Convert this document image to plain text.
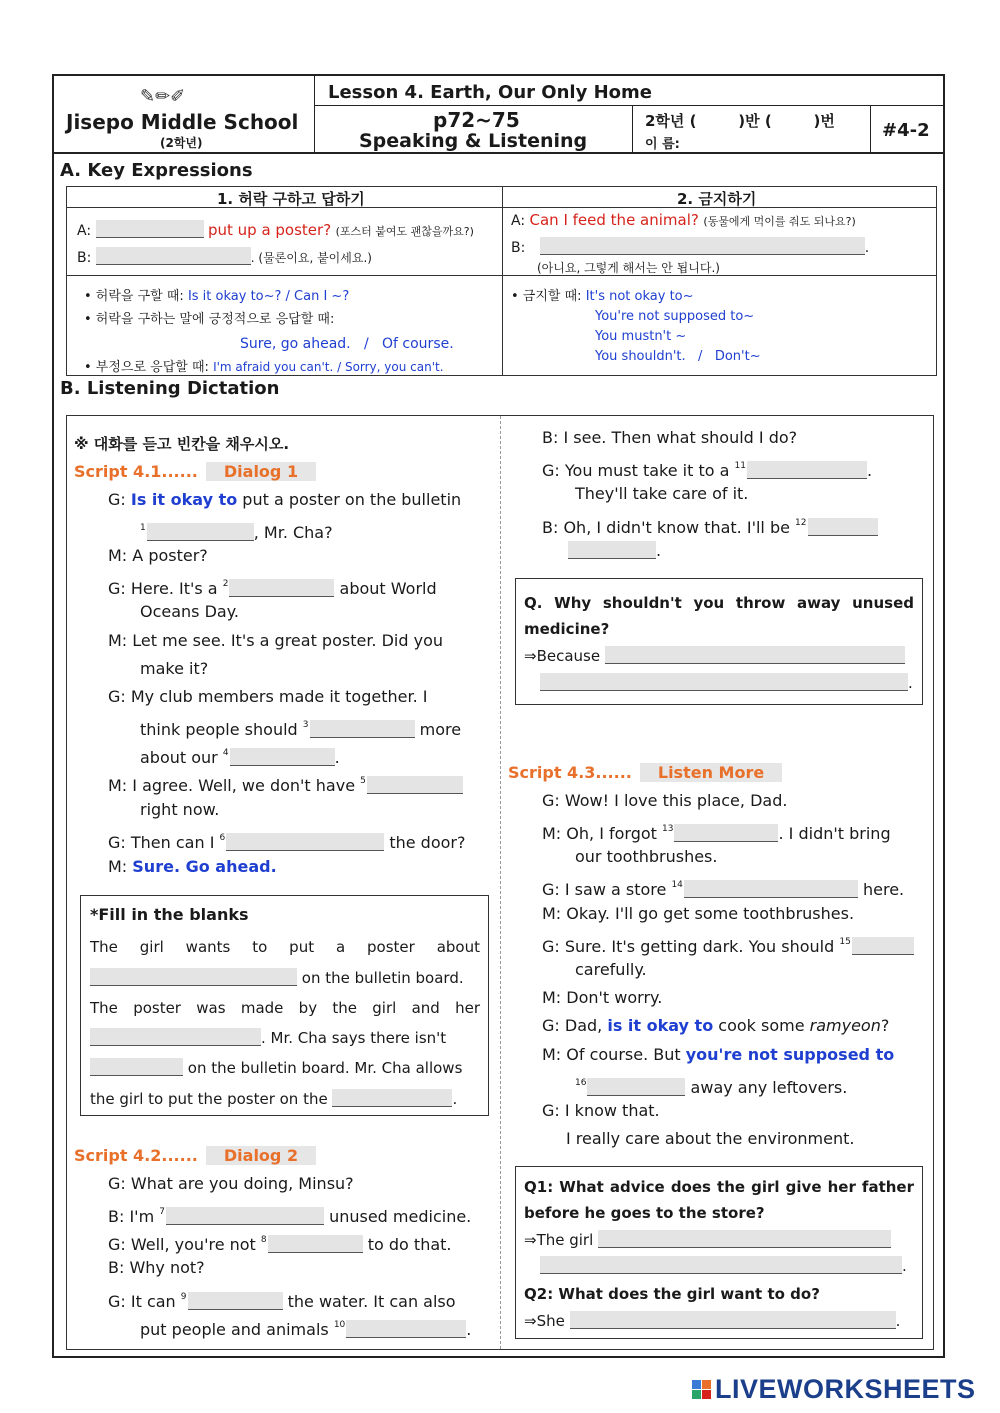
✎✏✐
Jisepo Middle School
(2학년)
Lesson 4. Earth, Our Only Home
p72~75
Speaking & Listening
2학년 (        )반 (        )번
이 름:
#4-2
A. Key Expressions
1. 허락 구하고 답하기	2. 금지하기
A:	put up a poster? (포스터 붙여도 괜찮을까요?)
B:	. (물론이요, 붙이세요.)
A: Can I feed the animal? (동물에게 먹이를 줘도 되나요?)
B:	.
(아니요, 그렇게 해서는 안 됩니다.)
• 허락을 구할 때: Is it okay to~? / Can I ~?
• 허락을 구하는 말에 긍정적으로 응답할 때:
Sure, go ahead.   /   Of course.
• 부정으로 응답할 때: I'm afraid you can't. / Sorry, you can't.
• 금지할 때: It's not okay to~
You're not supposed to~
You mustn't ~
You shouldn't.   /   Don't~
B. Listening Dictation
※ 대화를 듣고 빈칸을 채우시오.
Script 4.1...... Dialog 1
G: Is it okay to put a poster on the bulletin
$^1$	, Mr. Cha?
M: A poster?
G: Here. It's a $^2$	about World
Oceans Day.
M: Let me see. It's a great poster. Did you
make it?
G: My club members made it together. I
think people should $^3$	more
about our $^4$	.
M: I agree. Well, we don't have $^5$
right now.
G: Then can I $^6$	the door?
M: Sure. Go ahead.
*Fill in the blanks
The girl wants to put a poster about
on the bulletin board.
The poster was made by the girl and her
. Mr. Cha says there isn't
on the bulletin board. Mr. Cha allows
the girl to put the poster on the	.
Script 4.2...... Dialog 2
G: What are you doing, Minsu?
B: I'm $^7$	unused medicine.
G: Well, you're not $^8$	to do that.
B: Why not?
G: It can $^9$	the water. It can also
put people and animals $^{10}$	.
B: I see. Then what should I do?
G: You must take it to a $^{11}$	.
They'll take care of it.
B: Oh, I didn't know that. I'll be $^{12}$
.
Q. Why shouldn't you throw away unused
medicine?
⇒Because
.
Script 4.3...... Listen More
G: Wow! I love this place, Dad.
M: Oh, I forgot $^{13}$	. I didn't bring
our toothbrushes.
G: I saw a store $^{14}$	here.
M: Okay. I'll go get some toothbrushes.
G: Sure. It's getting dark. You should $^{15}$
carefully.
M: Don't worry.
G: Dad, is it okay to cook some ramyeon?
M: Of course. But you're not supposed to
$^{16}$	away any leftovers.
G: I know that.
I really care about the environment.
Q1: What advice does the girl give her father
before he goes to the store?
⇒The girl
.
Q2: What does the girl want to do?
⇒She	.
LIVEWORKSHEETS
